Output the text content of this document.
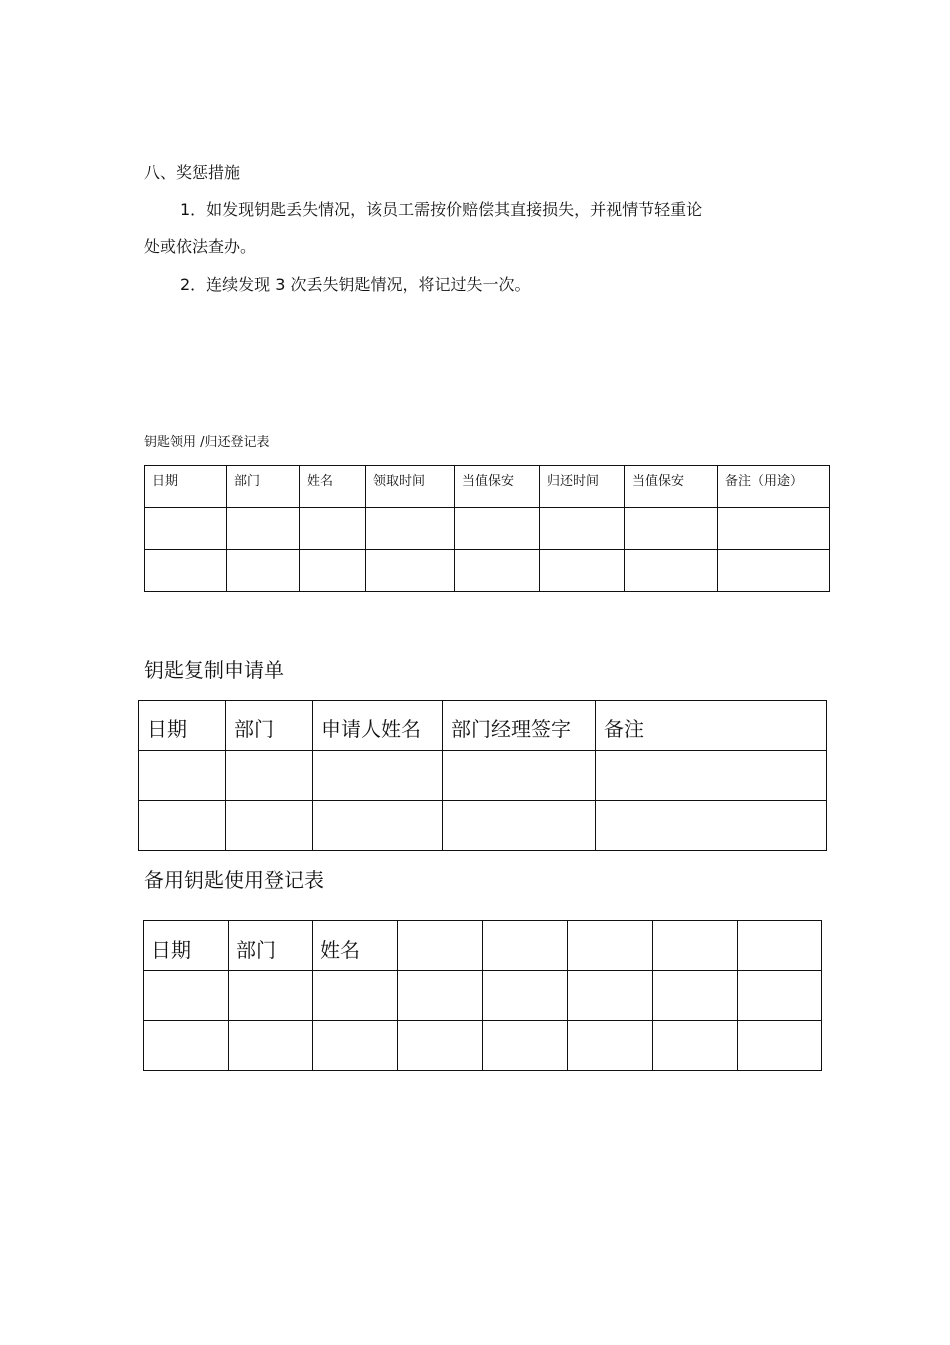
八、奖惩措施
1．如发现钥匙丢失情况，该员工需按价赔偿其直接损失，并视情节轻重论
处或依法查办。
2．连续发现 3 次丢失钥匙情况，将记过失一次。
钥匙领用 /归还登记表
日期	部门	姓名	领取时间	当值保安	归还时间	当值保安	备注（用途）

钥匙复制申请单
日期	部门	申请人姓名	部门经理签字	备注

备用钥匙使用登记表
日期	部门	姓名					
